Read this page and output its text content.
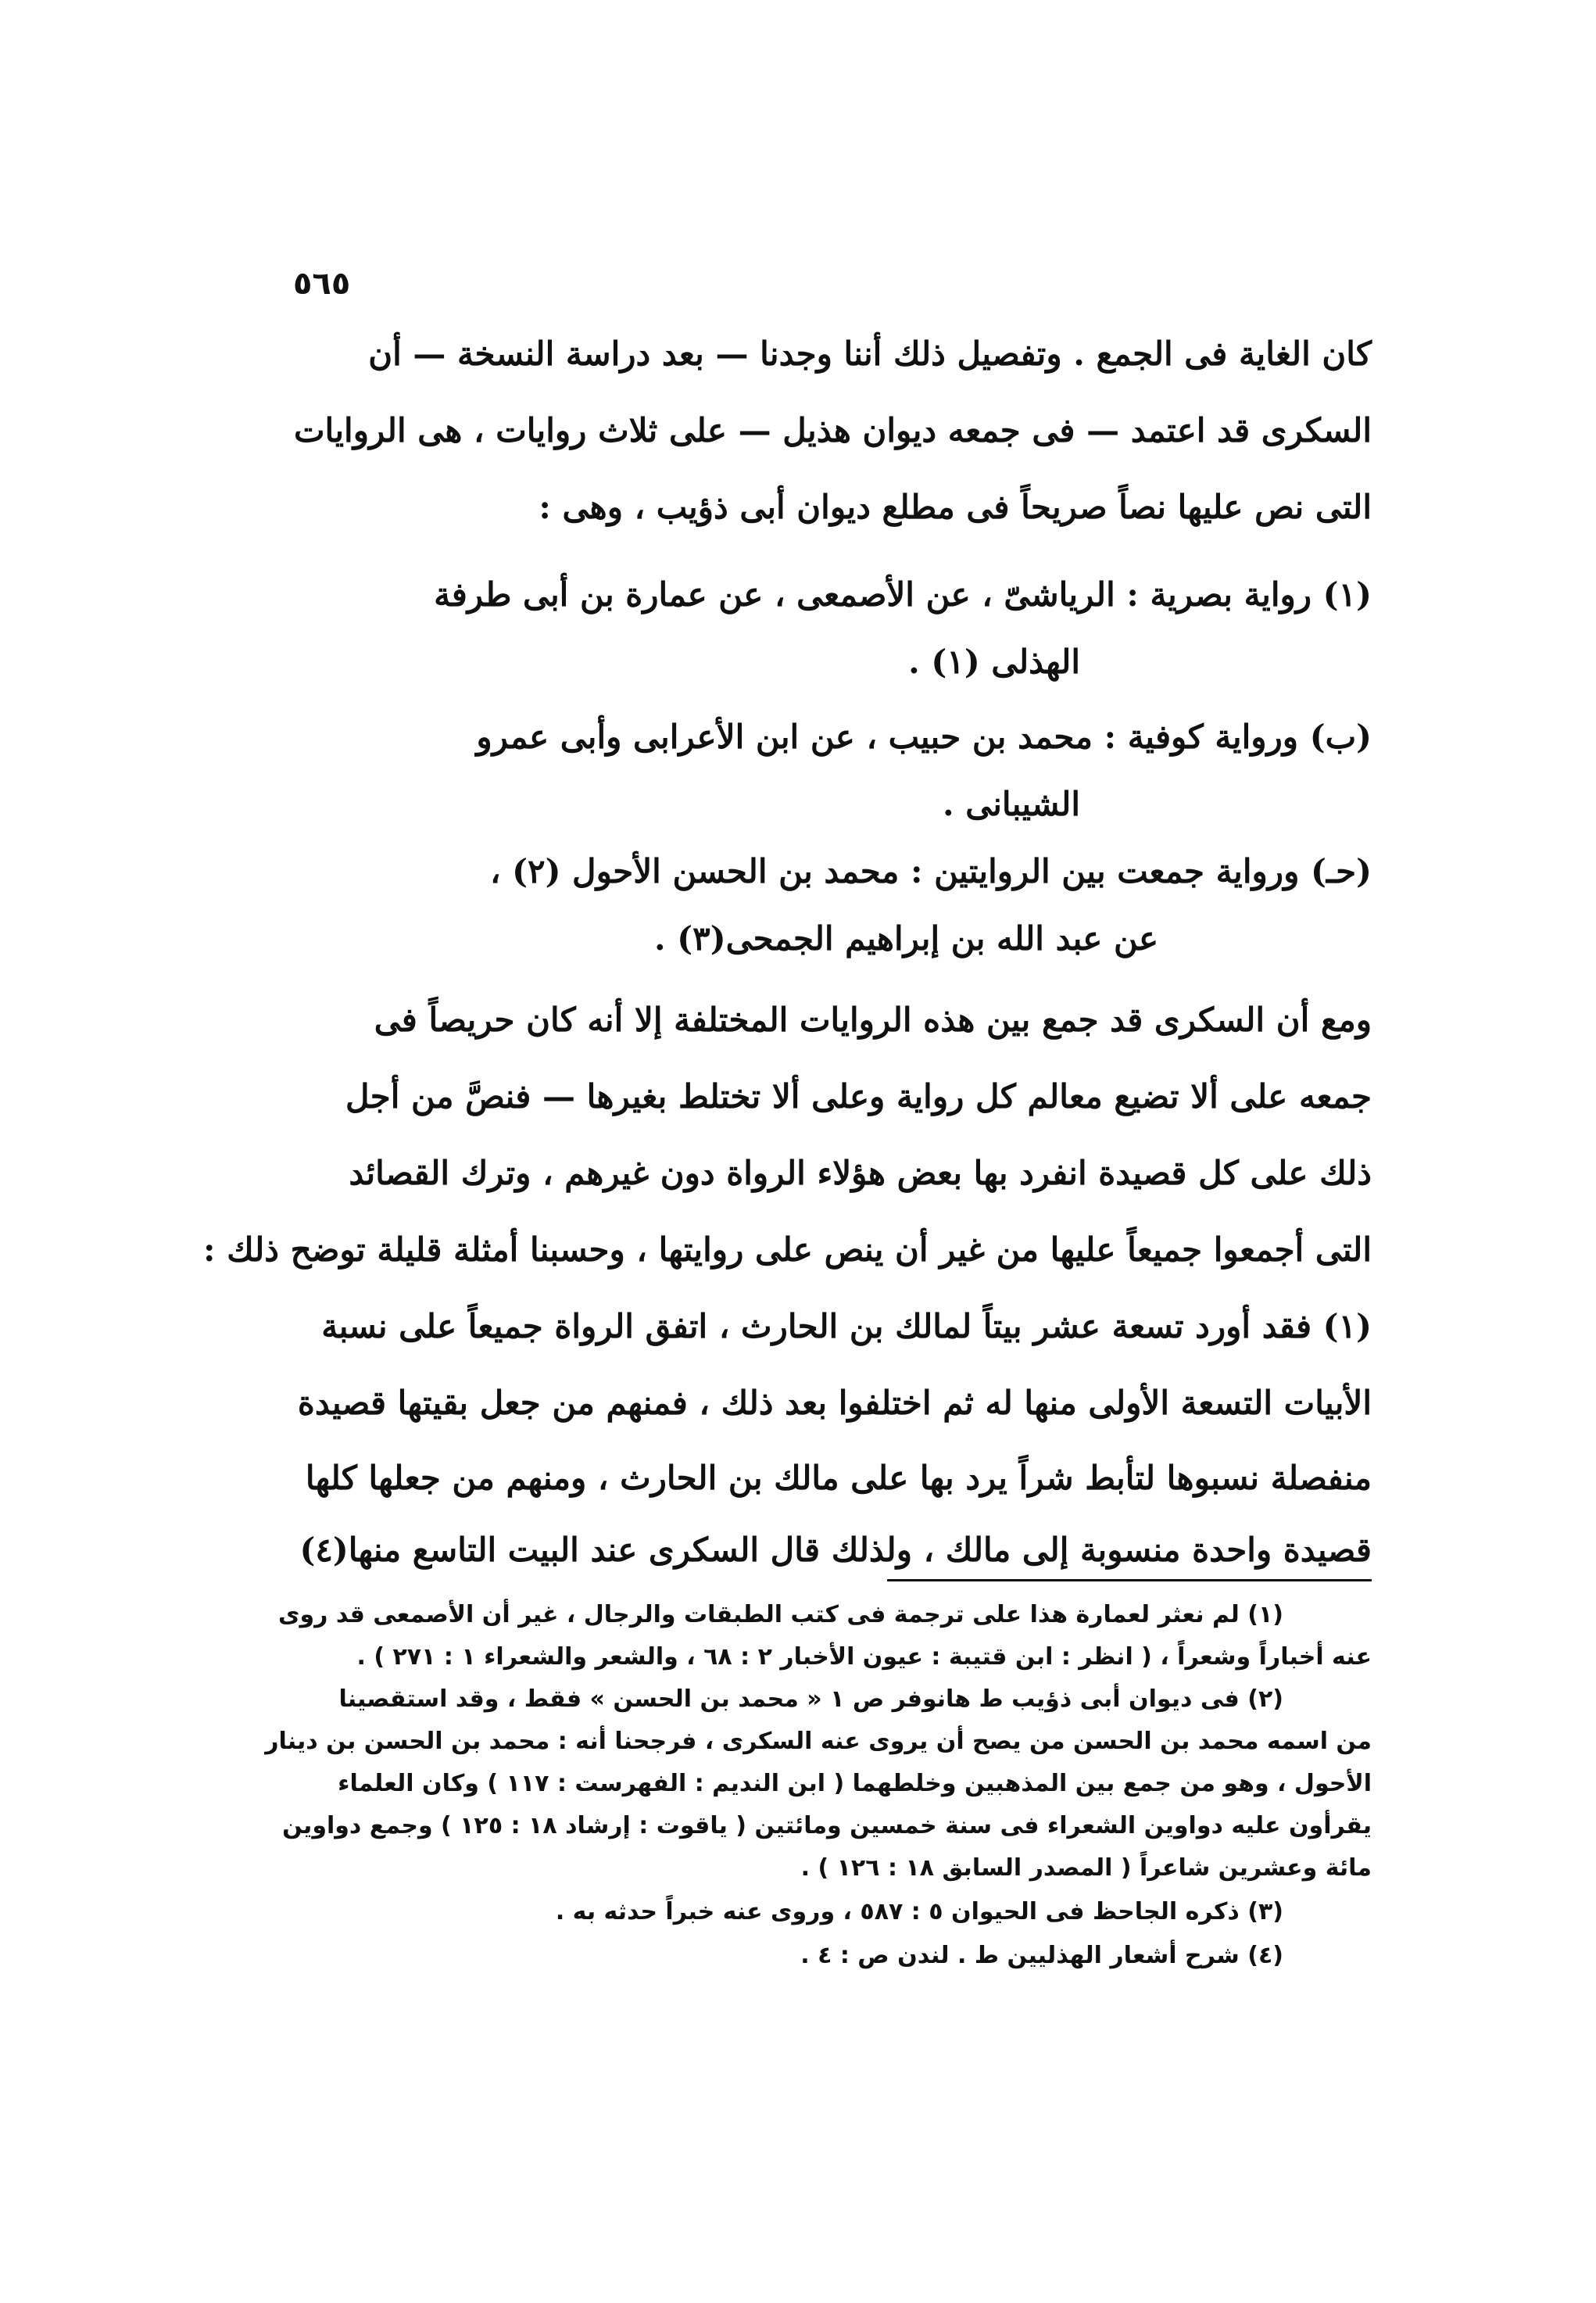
٥٦٥
كان الغاية فى الجمع . وتفصيل ذلك أننا وجدنا — بعد دراسة النسخة — أن
السكرى قد اعتمد — فى جمعه ديوان هذيل — على ثلاث روايات ، هى الروايات
التى نص عليها نصاً صريحاً فى مطلع ديوان أبى ذؤيب ، وهى :
(١) رواية بصرية : الرياشىّ ، عن الأصمعى ، عن عمارة بن أبى طرفة
الهذلى (١) .
(ب) ورواية كوفية : محمد بن حبيب ، عن ابن الأعرابى وأبى عمرو
الشيبانى .
(حـ) ورواية جمعت بين الروايتين : محمد بن الحسن الأحول (٢) ،
عن عبد الله بن إبراهيم الجمحى(٣) .
ومع أن السكرى قد جمع بين هذه الروايات المختلفة إلا أنه كان حريصاً فى
جمعه على ألا تضيع معالم كل رواية وعلى ألا تختلط بغيرها — فنصَّ من أجل
ذلك على كل قصيدة انفرد بها بعض هؤلاء الرواة دون غيرهم ، وترك القصائد
التى أجمعوا جميعاً عليها من غير أن ينص على روايتها ، وحسبنا أمثلة قليلة توضح ذلك :
(١) فقد أورد تسعة عشر بيتاً لمالك بن الحارث ، اتفق الرواة جميعاً على نسبة
الأبيات التسعة الأولى منها له ثم اختلفوا بعد ذلك ، فمنهم من جعل بقيتها قصيدة
منفصلة نسبوها لتأبط شراً يرد بها على مالك بن الحارث ، ومنهم من جعلها كلها
قصيدة واحدة منسوبة إلى مالك ، ولذلك قال السكرى عند البيت التاسع منها(٤)
(١) لم نعثر لعمارة هذا على ترجمة فى كتب الطبقات والرجال ، غير أن الأصمعى قد روى
عنه أخباراً وشعراً ، ( انظر : ابن قتيبة : عيون الأخبار ٢ : ٦٨ ، والشعر والشعراء ١ : ٢٧١ ) .
(٢) فى ديوان أبى ذؤيب ط هانوفر ص ١ « محمد بن الحسن » فقط ، وقد استقصينا
من اسمه محمد بن الحسن من يصح أن يروى عنه السكرى ، فرجحنا أنه : محمد بن الحسن بن دينار
الأحول ، وهو من جمع بين المذهبين وخلطهما ( ابن النديم : الفهرست : ١١٧ ) وكان العلماء
يقرأون عليه دواوين الشعراء فى سنة خمسين ومائتين ( ياقوت : إرشاد ١٨ : ١٢٥ ) وجمع دواوين
مائة وعشرين شاعراً ( المصدر السابق ١٨ : ١٢٦ ) .
(٣) ذكره الجاحظ فى الحيوان ٥ : ٥٨٧ ، وروى عنه خبراً حدثه به .
(٤) شرح أشعار الهذليين ط . لندن ص : ٤ .
